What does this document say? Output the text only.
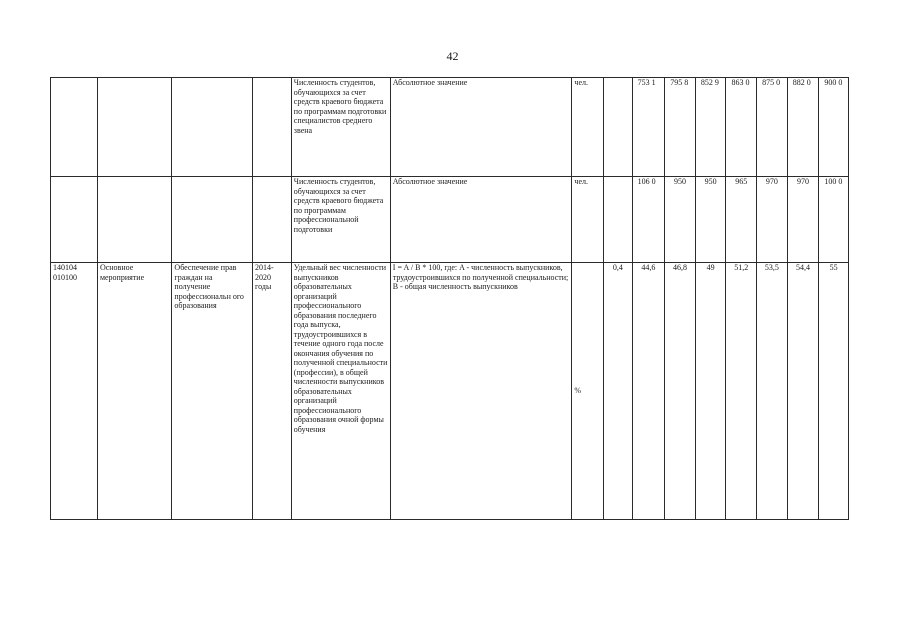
42
				Численность студентов, обучающихся за счет средств краевого бюджета по программам подготовки специалистов среднего звена	Абсолютное значение	чел.		753 1	795 8	852 9	863 0	875 0	882 0	900 0
				Численность студентов, обучающихся за счет средств краевого бюджета по программам профессиональной подготовки	Абсолютное значение	чел.		106 0	950	950	965	970	970	100 0
140104 010100	Основное мероприятие	Обеспечение прав граждан на получение профессиональн ого образования	2014-2020 годы	Удельный вес численности выпускников образовательных организаций профессионального образования последнего года выпуска, трудоустроившихся в течение одного года после окончания обучения по полученной специальности (профессии), в общей численности выпускников образовательных организаций профессионального образования очной формы обучения	I = A / B * 100, где: A - численность выпускников, трудоустроившихся по полученной специальности; B - общая численность выпускников	%	0,4	44,6	46,8	49	51,2	53,5	54,4	55
